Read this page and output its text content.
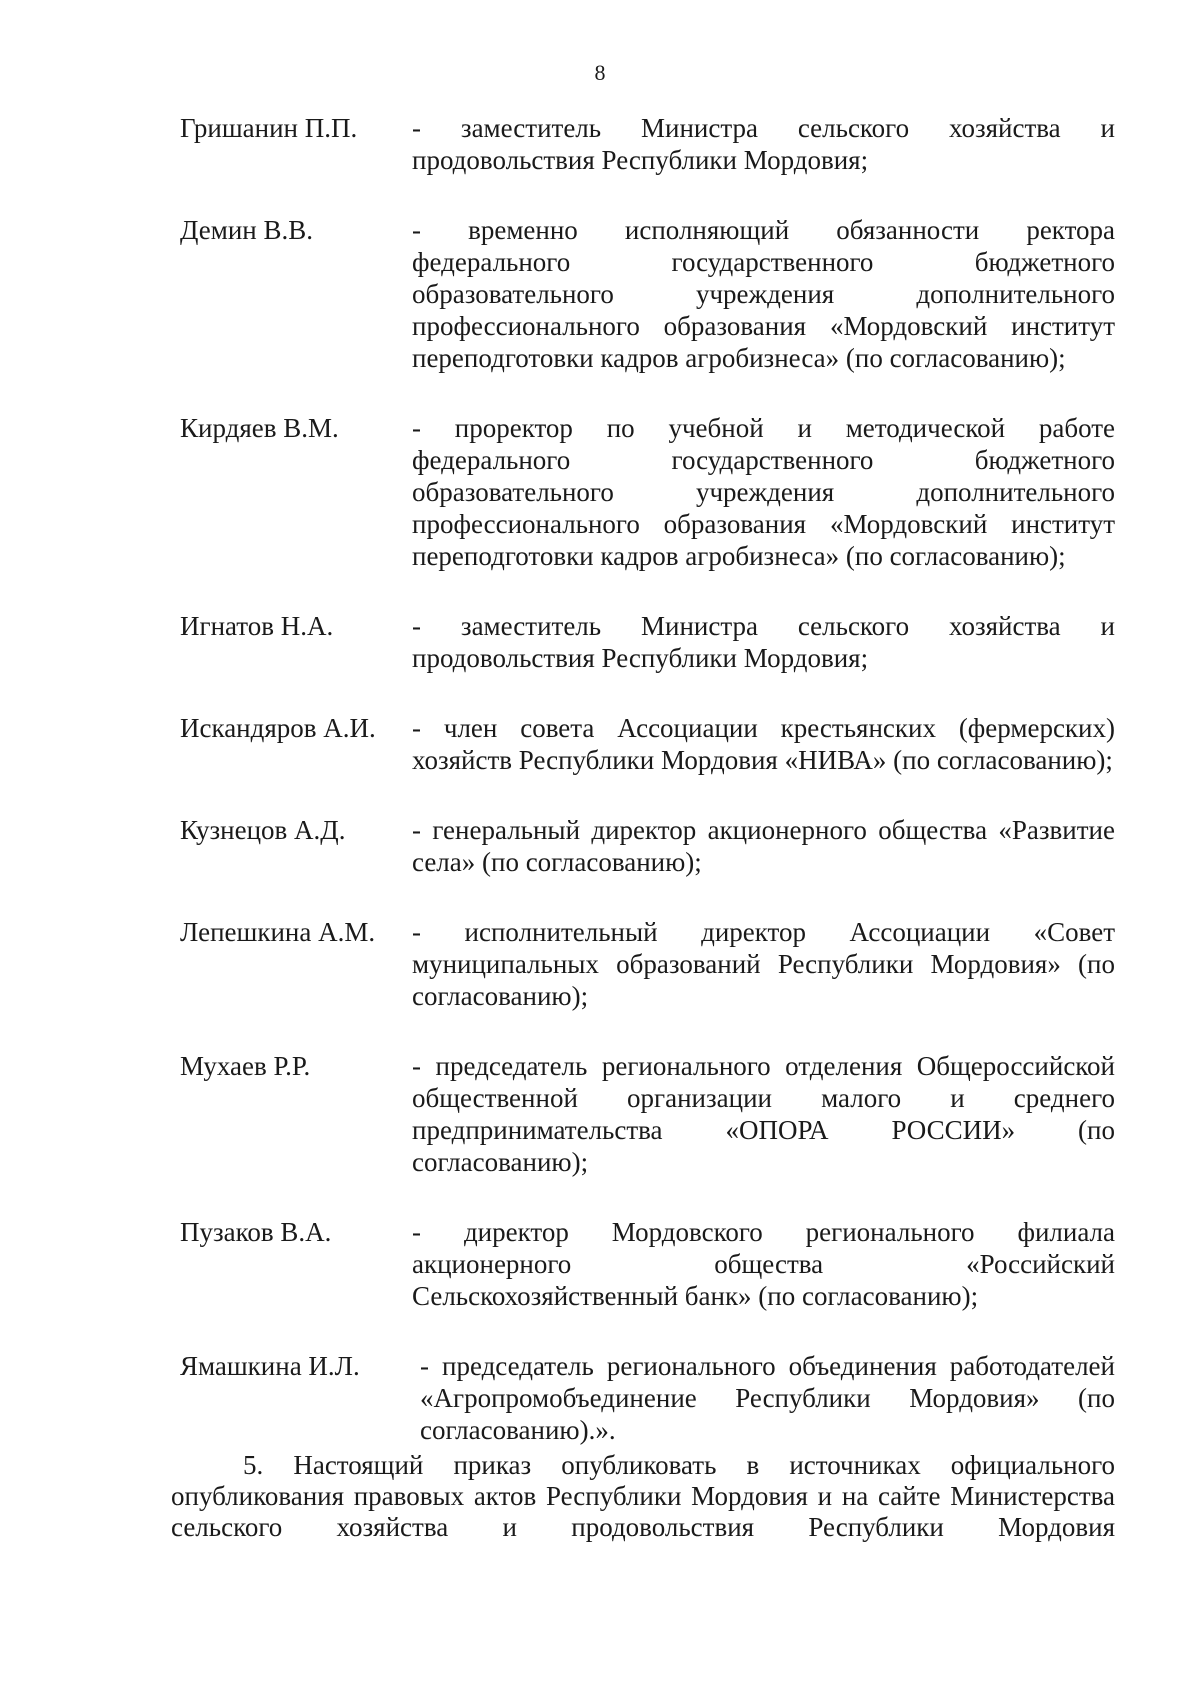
8
Гришанин П.П.	- заместитель Министра сельского хозяйства и продовольствия Республики Мордовия;
Демин В.В.	- временно исполняющий обязанности ректора федерального государственного бюджетного образовательного учреждения дополнительного профессионального образования «Мордовский институт переподготовки кадров агробизнеса» (по согласованию);
Кирдяев В.М.	- проректор по учебной и методической работе федерального государственного бюджетного образовательного учреждения дополнительного профессионального образования «Мордовский институт переподготовки кадров агробизнеса» (по согласованию);
Игнатов Н.А.	- заместитель Министра сельского хозяйства и продовольствия Республики Мордовия;
Искандяров А.И.	- член совета Ассоциации крестьянских (фермерских) хозяйств Республики Мордовия «НИВА» (по согласованию);
Кузнецов А.Д.	- генеральный директор акционерного общества «Развитие села» (по согласованию);
Лепешкина А.М.	- исполнительный директор Ассоциации «Совет муниципальных образований Республики Мордовия» (по согласованию);
Мухаев Р.Р.	- председатель регионального отделения Общероссийской общественной организации малого и среднего предпринимательства «ОПОРА РОССИИ» (по согласованию);
Пузаков В.А.	- директор Мордовского регионального филиала акционерного общества «Российский Сельскохозяйственный банк» (по согласованию);
Ямашкина И.Л.	- председатель регионального объединения работодателей «Агропромобъединение Республики Мордовия» (по согласованию).».
5. Настоящий приказ опубликовать в источниках официального опубликования правовых актов Республики Мордовия и на сайте Министерства сельского хозяйства и продовольствия Республики Мордовия
